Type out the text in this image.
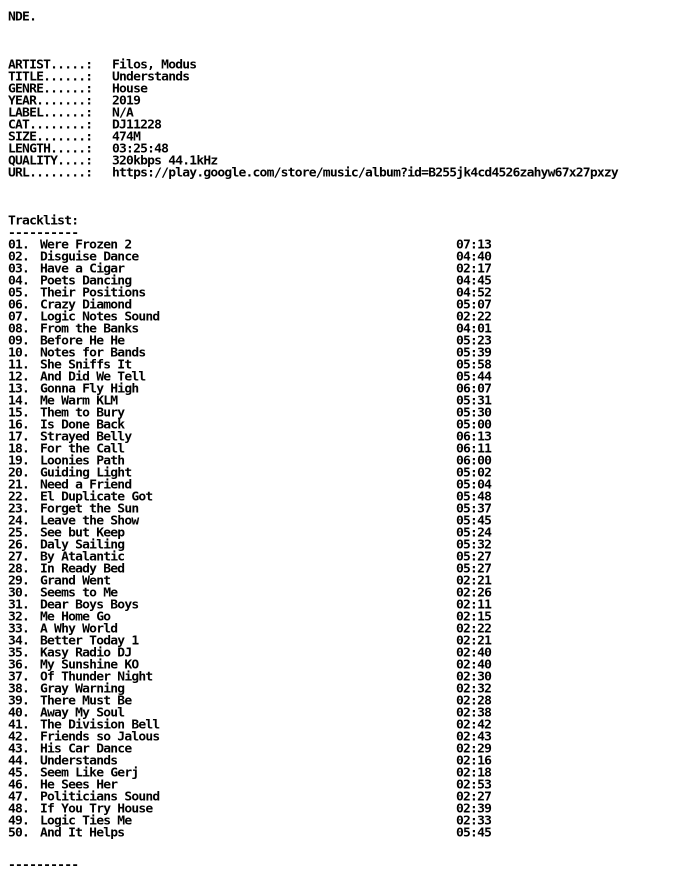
NDE.
ARTIST.....: Filos, Modus
TITLE......: Understands
GENRE......: House
YEAR.......: 2019
LABEL......: N/A
CAT........: DJ11228
SIZE.......: 474M
LENGTH.....: 03:25:48
QUALITY....: 320kbps 44.1kHz
URL........: https://play.google.com/store/music/album?id=B255jk4cd4526zahyw67x27pxzy
Tracklist:
----------
01. Were Frozen 2	07:13
02. Disguise Dance	04:40
03. Have a Cigar	02:17
04. Poets Dancing	04:45
05. Their Positions	04:52
06. Crazy Diamond	05:07
07. Logic Notes Sound	02:22
08. From the Banks	04:01
09. Before He He	05:23
10. Notes for Bands	05:39
11. She Sniffs It	05:58
12. And Did We Tell	05:44
13. Gonna Fly High	06:07
14. Me Warm KLM	05:31
15. Them to Bury	05:30
16. Is Done Back	05:00
17. Strayed Belly	06:13
18. For the Call	06:11
19. Loonies Path	06:00
20. Guiding Light	05:02
21. Need a Friend	05:04
22. El Duplicate Got	05:48
23. Forget the Sun	05:37
24. Leave the Show	05:45
25. See but Keep	05:24
26. Daly Sailing	05:32
27. By Atalantic	05:27
28. In Ready Bed	05:27
29. Grand Went	02:21
30. Seems to Me	02:26
31. Dear Boys Boys	02:11
32. Me Home Go	02:15
33. A Why World	02:22
34. Better Today 1	02:21
35. Kasy Radio DJ	02:40
36. My Sunshine KO	02:40
37. Of Thunder Night	02:30
38. Gray Warning	02:32
39. There Must Be	02:28
40. Away My Soul	02:38
41. The Division Bell	02:42
42. Friends so Jalous	02:43
43. His Car Dance	02:29
44. Understands	02:16
45. Seem Like Gerj	02:18
46. He Sees Her	02:53
47. Politicians Sound	02:27
48. If You Try House	02:39
49. Logic Ties Me	02:33
50. And It Helps	05:45
----------
